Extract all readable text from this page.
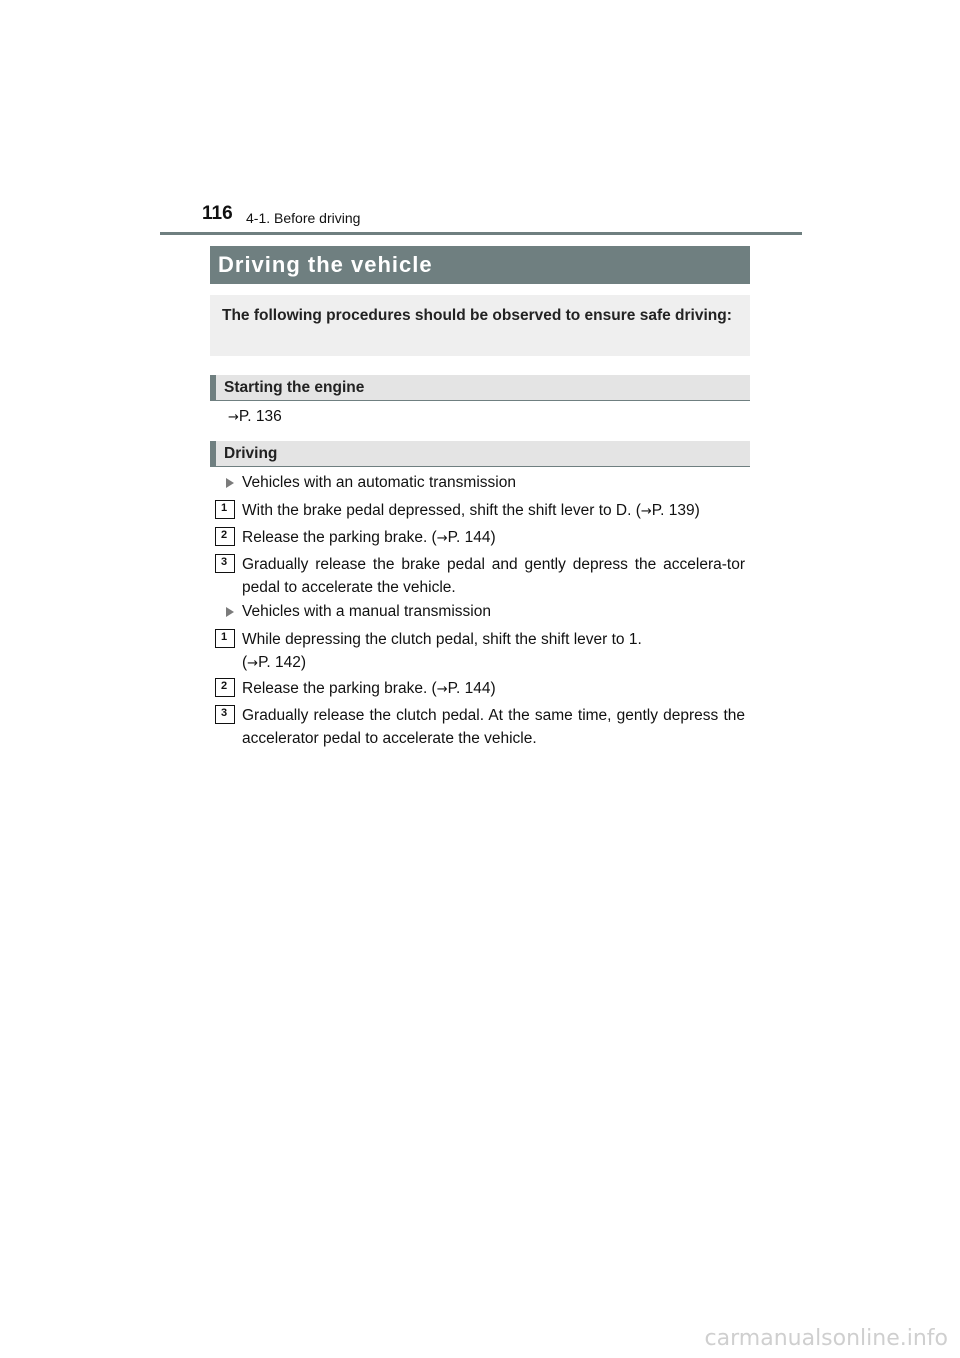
116 4-1. Before driving
Driving the vehicle
The following procedures should be observed to ensure safe driving:
Starting the engine
→P. 136
Driving
Vehicles with an automatic transmission
1 With the brake pedal depressed, shift the shift lever to D. (→P. 139)
2 Release the parking brake. (→P. 144)
3 Gradually release the brake pedal and gently depress the accelera-tor pedal to accelerate the vehicle.
Vehicles with a manual transmission
1 While depressing the clutch pedal, shift the shift lever to 1.
(→P. 142)
2 Release the parking brake. (→P. 144)
3 Gradually release the clutch pedal. At the same time, gently depress the accelerator pedal to accelerate the vehicle.
carmanualsonline.info
